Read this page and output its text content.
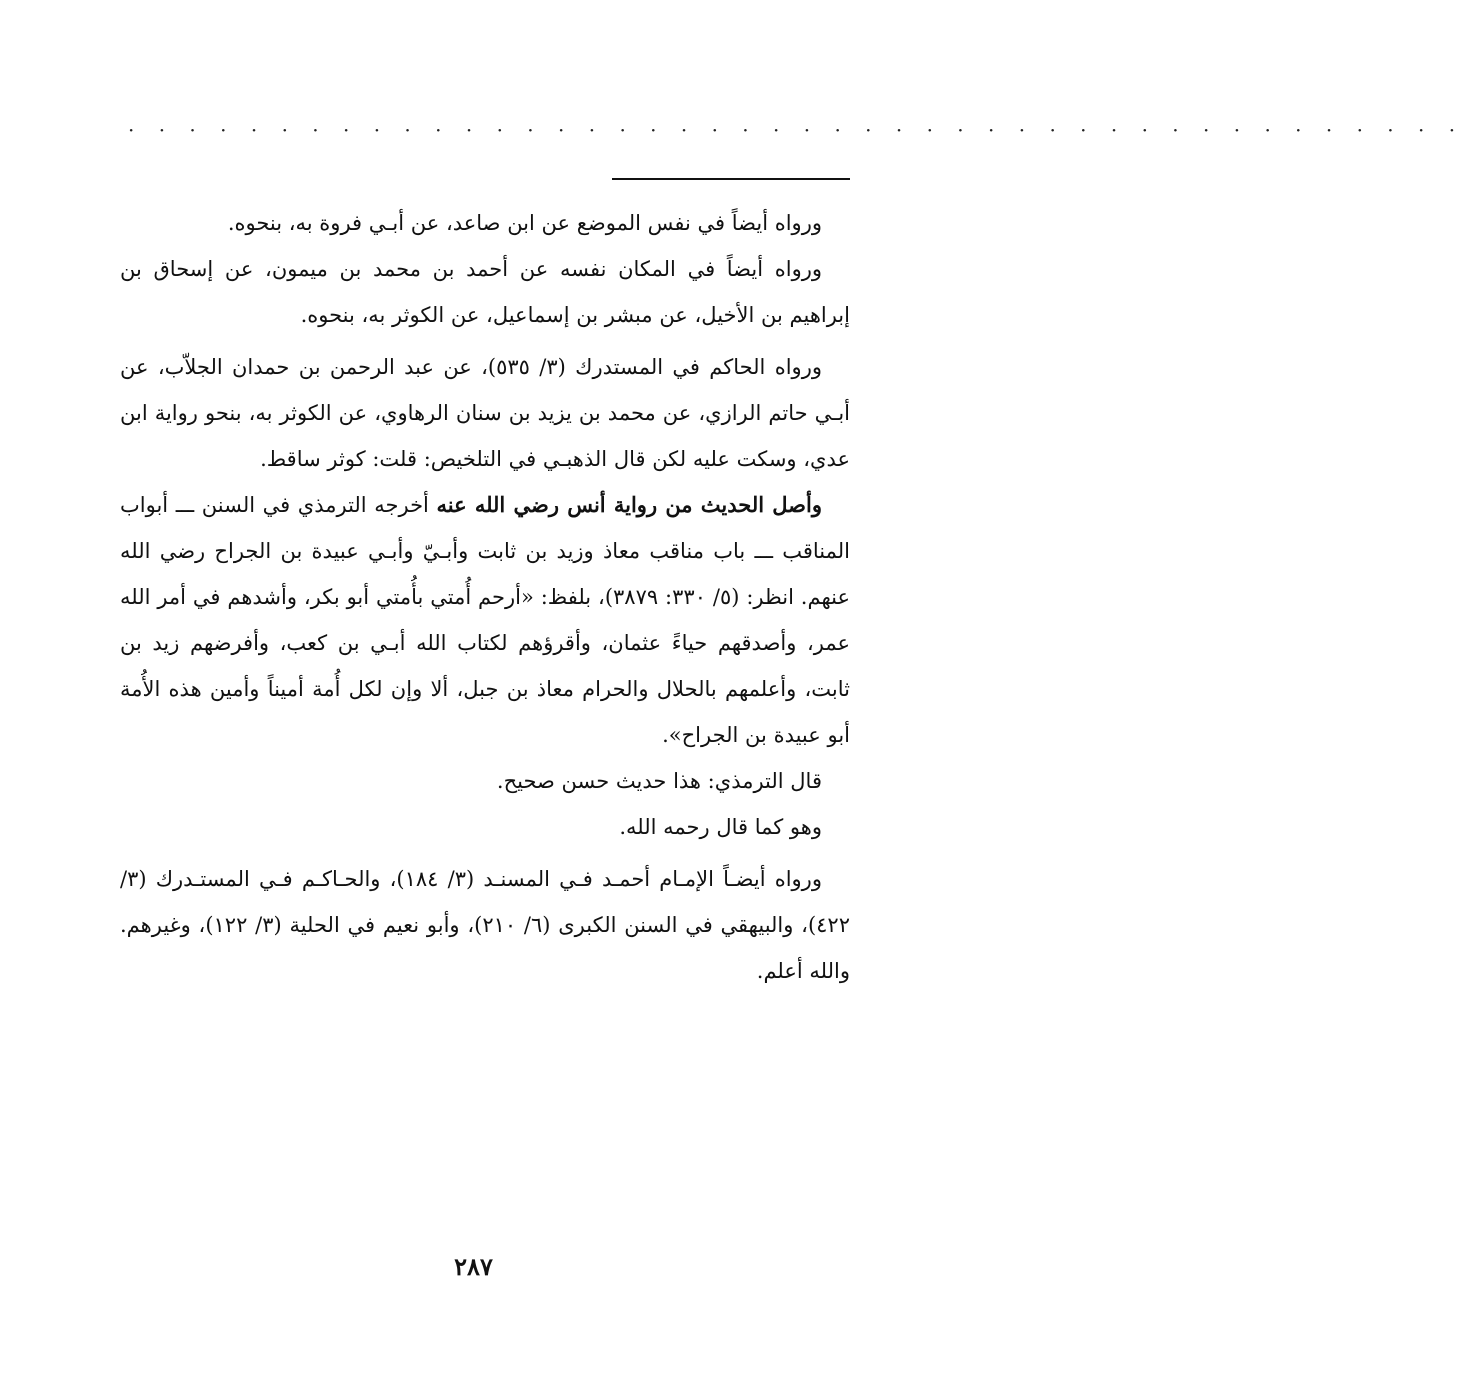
· · · · · · · · · · · · · · · · · · · · · · · · · · · · · · · · · · · · · · · · · · · ·

ورواه أيضاً في نفس الموضع عن ابن صاعد، عن أبـي فروة به، بنحوه.

ورواه أيضاً في المكان نفسه عن أحمد بن محمد بن ميمون، عن إسحاق بن إبراهيم بن الأخيل، عن مبشر بن إسماعيل، عن الكوثر به، بنحوه.

ورواه الحاكم في المستدرك (٣/ ٥٣٥)، عن عبد الرحمن بن حمدان الجلاّب، عن أبـي حاتم الرازي، عن محمد بن يزيد بن سنان الرهاوي، عن الكوثر به، بنحو رواية ابن عدي، وسكت عليه لكن قال الذهبـي في التلخيص: قلت: كوثر ساقط.

وأصل الحديث من رواية أنس رضي الله عنه أخرجه الترمذي في السنن ـــ أبواب المناقب ـــ باب مناقب معاذ وزيد بن ثابت وأبـيّ وأبـي عبيدة بن الجراح رضي الله عنهم. انظر: (٥/ ٣٣٠: ٣٨٧٩)، بلفظ: «أرحم أُمتي بأُمتي أبو بكر، وأشدهم في أمر الله عمر، وأصدقهم حياءً عثمان، وأقرؤهم لكتاب الله أبـي بن كعب، وأفرضهم زيد بن ثابت، وأعلمهم بالحلال والحرام معاذ بن جبل، ألا وإن لكل أُمة أميناً وأمين هذه الأُمة أبو عبيدة بن الجراح».

قال الترمذي: هذا حديث حسن صحيح.

وهو كما قال رحمه الله.

ورواه أيضـاً الإمـام أحمـد فـي المسنـد (٣/ ١٨٤)، والحـاكـم فـي المستـدرك (٣/ ٤٢٢)، والبيهقي في السنن الكبرى (٦/ ٢١٠)، وأبو نعيم في الحلية (٣/ ١٢٢)، وغيرهم. والله أعلم.

٢٨٧
